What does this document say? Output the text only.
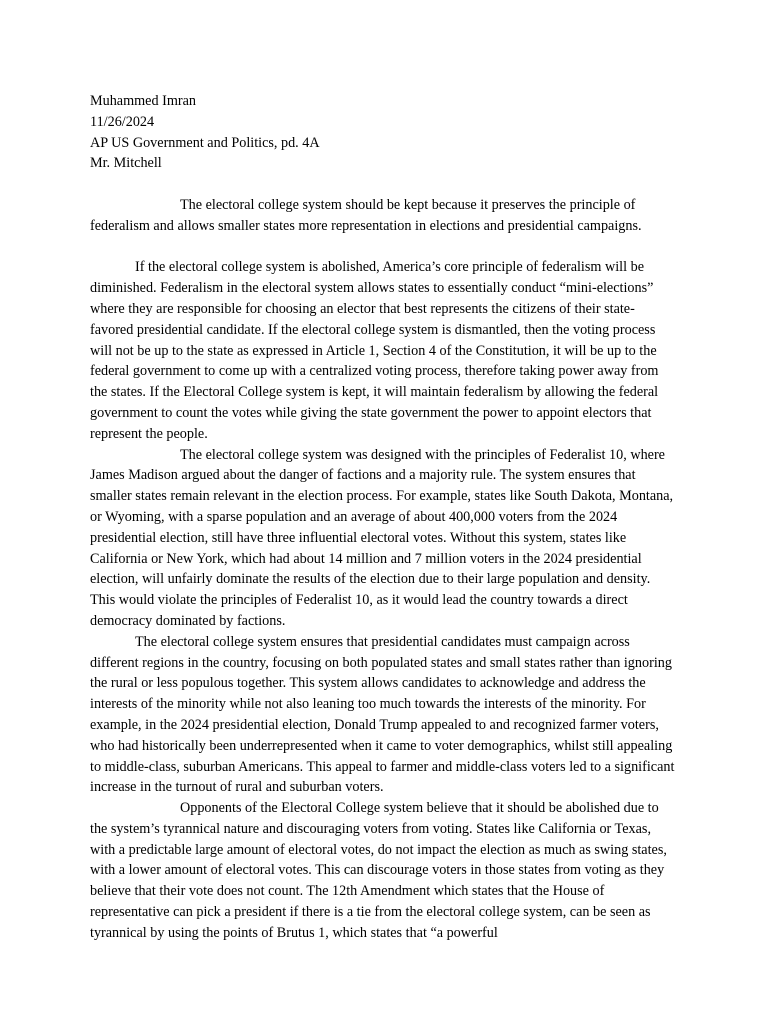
Muhammed Imran
11/26/2024
AP US Government and Politics, pd. 4A
Mr. Mitchell

The electoral college system should be kept because it preserves the principle of federalism and allows smaller states more representation in elections and presidential campaigns.

If the electoral college system is abolished, America’s core principle of federalism will be diminished. Federalism in the electoral system allows states to essentially conduct “mini-elections” where they are responsible for choosing an elector that best represents the citizens of their state-favored presidential candidate. If the electoral college system is dismantled, then the voting process will not be up to the state as expressed in Article 1, Section 4 of the Constitution, it will be up to the federal government to come up with a centralized voting process, therefore taking power away from the states. If the Electoral College system is kept, it will maintain federalism by allowing the federal government to count the votes while giving the state government the power to appoint electors that represent the people.

The electoral college system was designed with the principles of Federalist 10, where James Madison argued about the danger of factions and a majority rule. The system ensures that smaller states remain relevant in the election process. For example, states like South Dakota, Montana, or Wyoming, with a sparse population and an average of about 400,000 voters from the 2024 presidential election, still have three influential electoral votes. Without this system, states like California or New York, which had about 14 million and 7 million voters in the 2024 presidential election, will unfairly dominate the results of the election due to their large population and density. This would violate the principles of Federalist 10, as it would lead the country towards a direct democracy dominated by factions.

The electoral college system ensures that presidential candidates must campaign across different regions in the country, focusing on both populated states and small states rather than ignoring the rural or less populous together. This system allows candidates to acknowledge and address the interests of the minority while not also leaning too much towards the interests of the minority. For example, in the 2024 presidential election, Donald Trump appealed to and recognized farmer voters, who had historically been underrepresented when it came to voter demographics, whilst still appealing to middle-class, suburban Americans. This appeal to farmer and middle-class voters led to a significant increase in the turnout of rural and suburban voters.

Opponents of the Electoral College system believe that it should be abolished due to the system’s tyrannical nature and discouraging voters from voting. States like California or Texas, with a predictable large amount of electoral votes, do not impact the election as much as swing states, with a lower amount of electoral votes. This can discourage voters in those states from voting as they believe that their vote does not count. The 12th Amendment which states that the House of representative can pick a president if there is a tie from the electoral college system, can be seen as tyrannical by using the points of Brutus 1, which states that “a powerful
